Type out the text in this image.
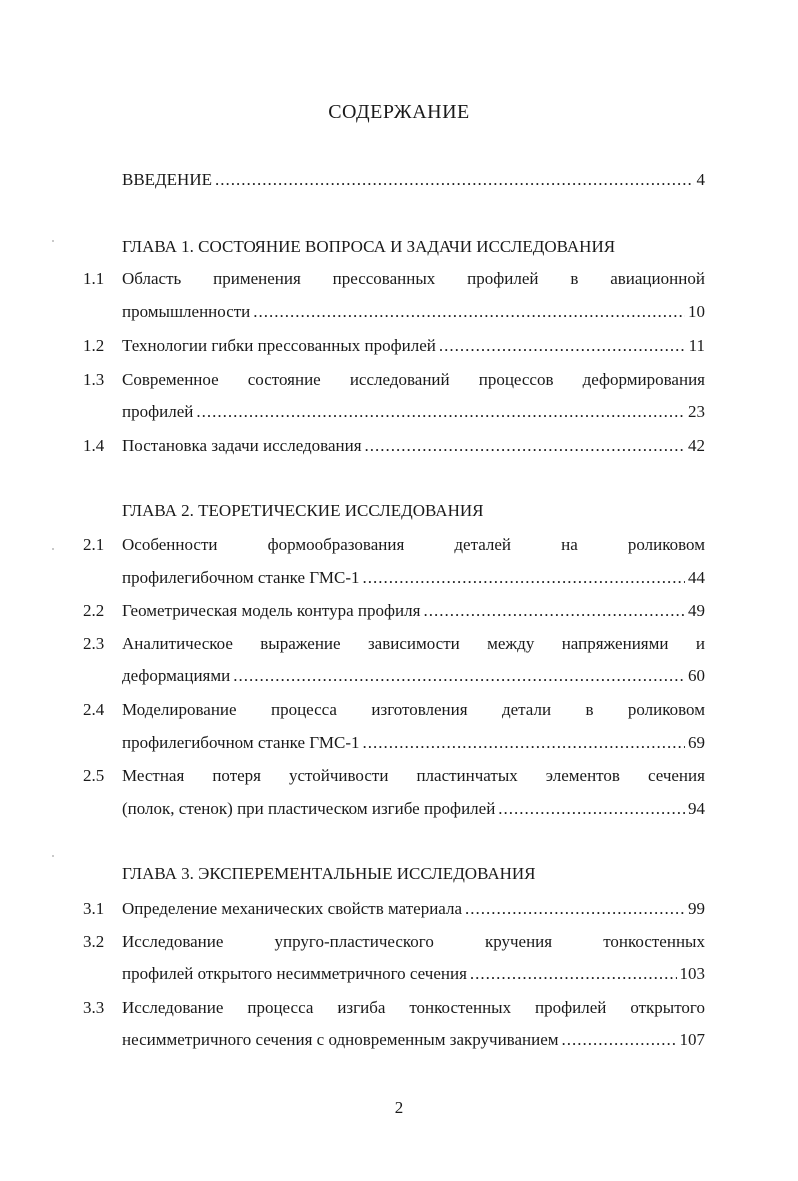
СОДЕРЖАНИЕ
ВВЕДЕНИЕ .....	4
ГЛАВА 1. СОСТОЯНИЕ ВОПРОСА И ЗАДАЧИ ИССЛЕДОВАНИЯ
1.1	Область применения прессованных профилей в авиационной
промышленности .....	10
1.2	Технологии гибки прессованных профилей .....	11
1.3	Современное состояние исследований процессов деформирования
профилей .....	23
1.4	Постановка задачи исследования .....	42
ГЛАВА 2. ТЕОРЕТИЧЕСКИЕ ИССЛЕДОВАНИЯ
2.1	Особенности	формообразования	деталей	на	роликовом
профилегибочном станке ГМС-1 .....	44
2.2	Геометрическая модель контура профиля .....	49
2.3	Аналитическое выражение зависимости между напряжениями и
деформациями .....	60
2.4	Моделирование процесса изготовления детали в роликовом
профилегибочном станке ГМС-1 .....	69
2.5	Местная потеря устойчивости пластинчатых элементов сечения
(полок, стенок) при пластическом изгибе профилей .....	94
ГЛАВА 3. ЭКСПЕРЕМЕНТАЛЬНЫЕ ИССЛЕДОВАНИЯ
3.1	Определение механических свойств материала .....	99
3.2	Исследование	упруго-пластического	кручения	тонкостенных
профилей открытого несимметричного сечения .....	103
3.3	Исследование процесса изгиба тонкостенных профилей открытого
несимметричного сечения с одновременным закручиванием .....	107
2
